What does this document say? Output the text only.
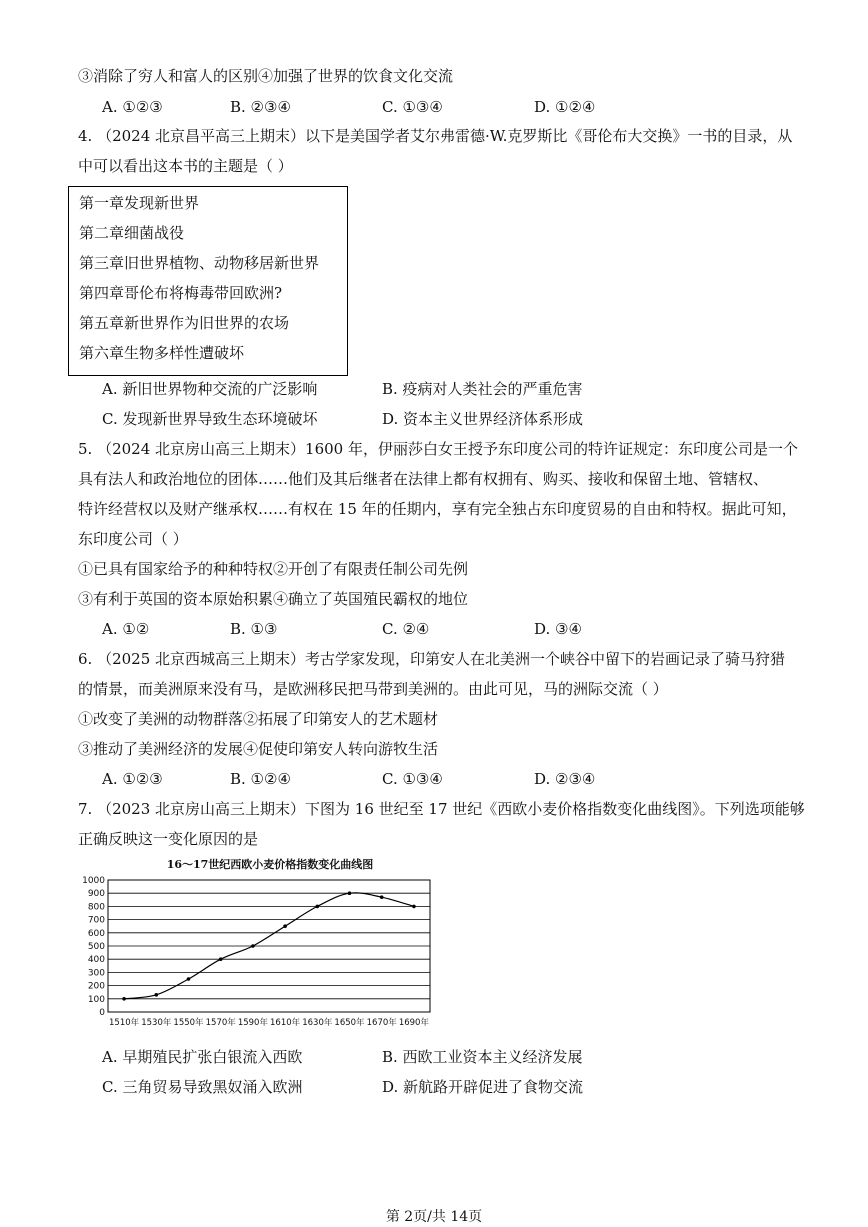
③消除了穷人和富人的区别④加强了世界的饮食文化交流
A. ①②③	B. ②③④	C. ①③④	D. ①②④
4. （2024 北京昌平高三上期末）以下是美国学者艾尔弗雷德·W.克罗斯比《哥伦布大交换》一书的目录，从
中可以看出这本书的主题是（ ）
第一章发现新世界
第二章细菌战役
第三章旧世界植物、动物移居新世界
第四章哥伦布将梅毒带回欧洲?
第五章新世界作为旧世界的农场
第六章生物多样性遭破坏
A. 新旧世界物种交流的广泛影响	B. 疫病对人类社会的严重危害
C. 发现新世界导致生态环境破坏	D. 资本主义世界经济体系形成
5. （2024 北京房山高三上期末）1600 年，伊丽莎白女王授予东印度公司的特许证规定：东印度公司是一个
具有法人和政治地位的团体……他们及其后继者在法律上都有权拥有、购买、接收和保留土地、管辖权、
特许经营权以及财产继承权……有权在 15 年的任期内，享有完全独占东印度贸易的自由和特权。据此可知，
东印度公司（ ）
①已具有国家给予的种种特权②开创了有限责任制公司先例
③有利于英国的资本原始积累④确立了英国殖民霸权的地位
A. ①②	B. ①③	C. ②④	D. ③④
6. （2025 北京西城高三上期末）考古学家发现，印第安人在北美洲一个峡谷中留下的岩画记录了骑马狩猎
的情景，而美洲原来没有马，是欧洲移民把马带到美洲的。由此可见，马的洲际交流（ ）
①改变了美洲的动物群落②拓展了印第安人的艺术题材
③推动了美洲经济的发展④促使印第安人转向游牧生活
A. ①②③	B. ①②④	C. ①③④	D. ②③④
7. （2023 北京房山高三上期末）下图为 16 世纪至 17 世纪《西欧小麦价格指数变化曲线图》。下列选项能够
正确反映这一变化原因的是
16～17世纪西欧小麦价格指数变化曲线图
0
100
200
300
400
500
600
700
800
900
1000
1510年 1530年 1550年 1570年 1590年 1610年 1630年 1650年 1670年 1690年
A. 早期殖民扩张白银流入西欧	B. 西欧工业资本主义经济发展
C. 三角贸易导致黑奴涌入欧洲	D. 新航路开辟促进了食物交流
第 2页/共 14页
